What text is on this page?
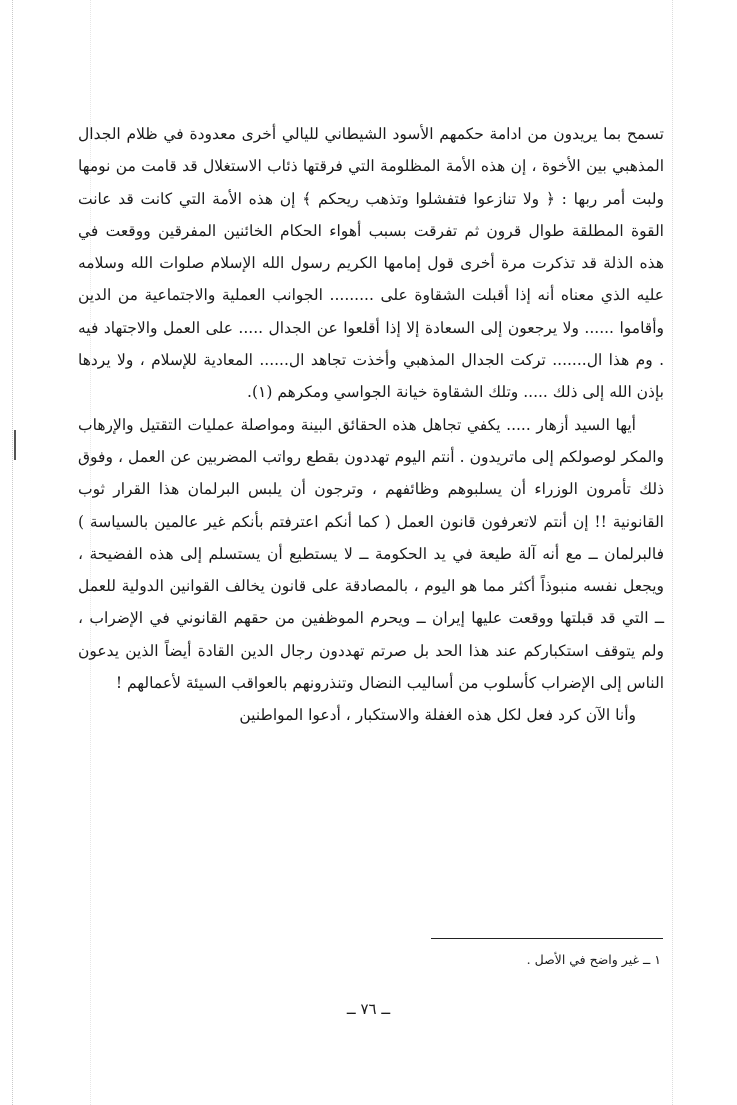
تسمح بما يريدون من ادامة حكمهم الأسود الشيطاني لليالي أخرى معدودة في ظلام الجدال المذهبي بين الأخوة ، إن هذه الأمة المظلومة التي فرقتها ذئاب الاستغلال قد قامت من نومها ولبت أمر ربها : ﴿ ولا تنازعوا فتفشلوا وتذهب ريحكم ﴾ إن هذه الأمة التي كانت قد عانت القوة المطلقة طوال قرون ثم تفرقت بسبب أهواء الحكام الخائنين المفرقين ووقعت في هذه الذلة قد تذكرت مرة أخرى قول إمامها الكريم رسول الله الإسلام صلوات الله وسلامه عليه الذي معناه أنه إذا أقبلت الشقاوة على ......... الجوانب العملية والاجتماعية من الدين وأقاموا ...... ولا يرجعون إلى السعادة إلا إذا أقلعوا عن الجدال ..... على العمل والاجتهاد فيه . وم هذا ال....... تركت الجدال المذهبي وأخذت تجاهد ال...... المعادية للإسلام ، ولا يردها بإذن الله إلى ذلك ..... وتلك الشقاوة خيانة الجواسي ومكرهم (١).

أيها السيد أزهار ..... يكفي تجاهل هذه الحقائق البينة ومواصلة عمليات التقتيل والإرهاب والمكر لوصولكم إلى ماتريدون . أنتم اليوم تهددون بقطع رواتب المضربين عن العمل ، وفوق ذلك تأمرون الوزراء أن يسلبوهم وظائفهم ، وترجون أن يلبس البرلمان هذا القرار ثوب القانونية !! إن أنتم لاتعرفون قانون العمل ( كما أنكم اعترفتم بأنكم غير عالمين بالسياسة ) فالبرلمان ــ مع أنه آلة طيعة في يد الحكومة ــ لا يستطيع أن يستسلم إلى هذه الفضيحة ، ويجعل نفسه منبوذاً أكثر مما هو اليوم ، بالمصادقة على قانون يخالف القوانين الدولية للعمل ــ التي قد قبلتها ووقعت عليها إيران ــ ويحرم الموظفين من حقهم القانوني في الإضراب ، ولم يتوقف استكباركم عند هذا الحد بل صرتم تهددون رجال الدين القادة أيضاً الذين يدعون الناس إلى الإضراب كأسلوب من أساليب النضال وتنذرونهم بالعواقب السيئة لأعمالهم !

وأنا الآن كرد فعل لكل هذه الغفلة والاستكبار ، أدعوا المواطنين

١ ــ غير واضح في الأصل .
ــ ٧٦ ــ
